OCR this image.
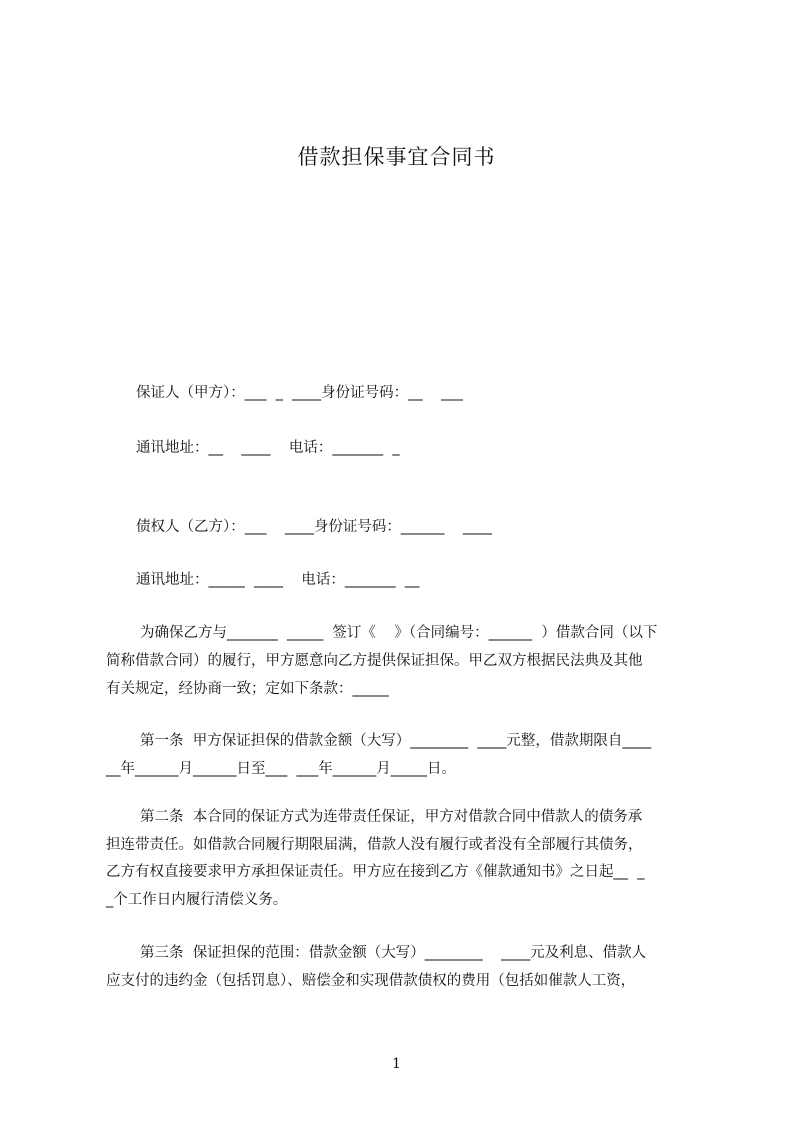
借款担保事宜合同书
保证人（甲方）：___  _  ____身份证号码：__    ___
通讯地址：__    ____    电话：_______  _
债权人（乙方）：___    ____身份证号码：______    ____
通讯地址：_____  ____    电话：_______  __
为确保乙方与_______  _____  签订《    》（合同编号：______  ）借款合同（以下
简称借款合同）的履行，甲方愿意向乙方提供保证担保。甲乙双方根据民法典及其他
有关规定，经协商一致；定如下条款：_____
第一条  甲方保证担保的借款金额（大写）________  ____元整，借款期限自____
__年______月______日至___  ___年______月_____日。
第二条  本合同的保证方式为连带责任保证，甲方对借款合同中借款人的债务承
担连带责任。如借款合同履行期限届满，借款人没有履行或者没有全部履行其债务，
乙方有权直接要求甲方承担保证责任。甲方应在接到乙方《催款通知书》之日起__  _
_个工作日内履行清偿义务。
第三条  保证担保的范围：借款金额（大写）________    ____元及利息、借款人
应支付的违约金（包括罚息）、赔偿金和实现借款债权的费用（包括如催款人工资，
1
